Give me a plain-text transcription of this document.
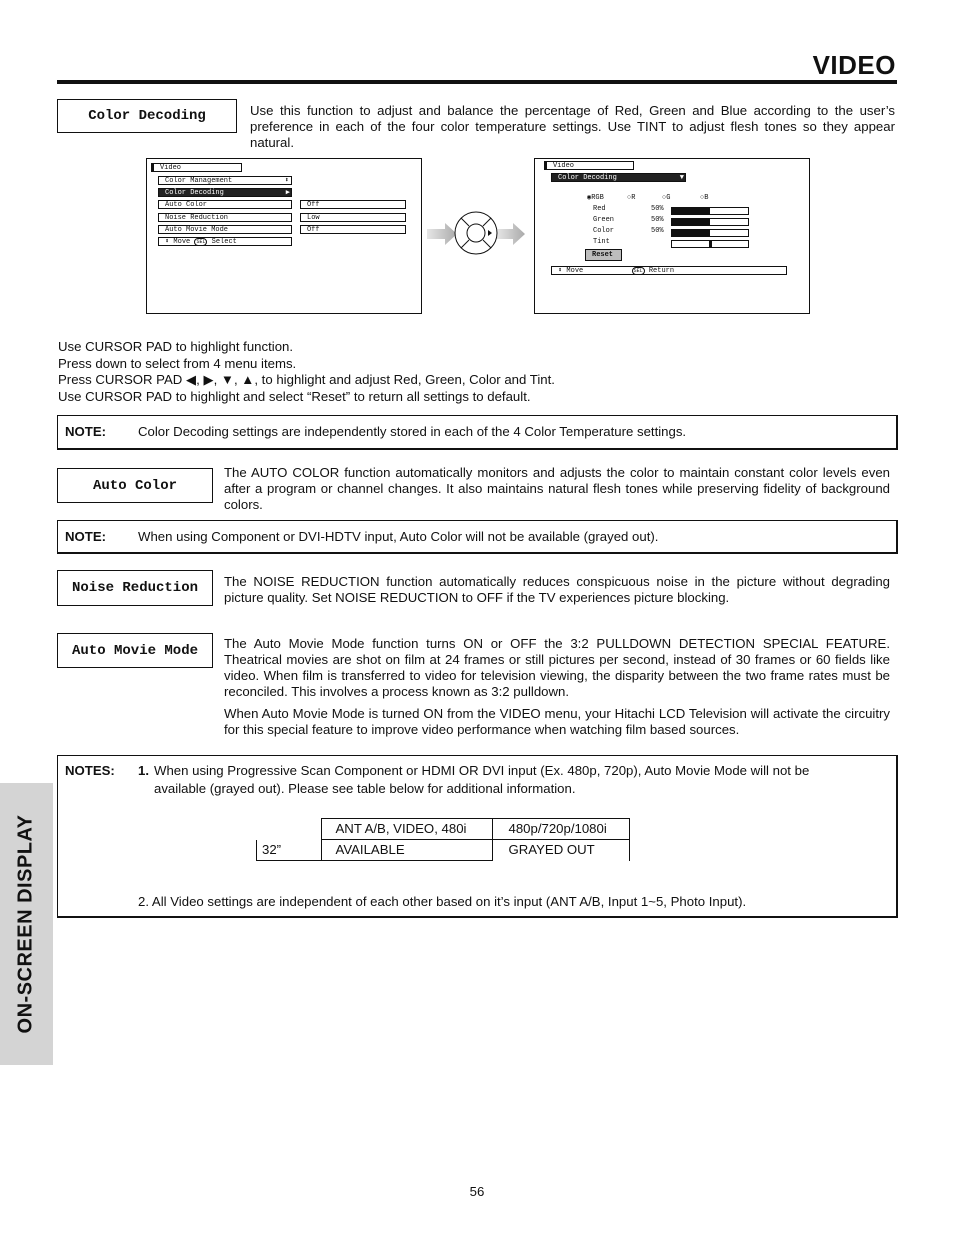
VIDEO
Color Decoding	Use this function to adjust and balance the percentage of Red, Green and Blue according to the user’s preference in each of the four color temperature settings. Use TINT to adjust flesh tones so they appear natural.
Video
Color Management	⬍
Color Decoding	▶
Auto Color
Noise Reduction
Auto Movie Mode
Off
Low
Off
⬍ Move SEL Select
Video
Color Decoding	▼
◉RGB	○R	○G	○B
Red	50%
Green	50%
Color	50%
Tint
Reset
⬍ Move	SEL Return
Use CURSOR PAD to highlight function.
Press down to select from 4 menu items.
Press CURSOR PAD ◀, ▶, ▼, ▲, to highlight and adjust Red, Green, Color and Tint.
Use CURSOR PAD to highlight and select “Reset” to return all settings to default.
NOTE: Color Decoding settings are independently stored in each of the 4 Color Temperature settings.
Auto Color
The AUTO COLOR function automatically monitors and adjusts the color to maintain constant color levels even after a program or channel changes. It also maintains natural flesh tones while preserving fidelity of background colors.
NOTE: When using Component or DVI-HDTV input, Auto Color will not be available (grayed out).
Noise Reduction	The NOISE REDUCTION function automatically reduces conspicuous noise in the picture without degrading picture quality. Set NOISE REDUCTION to OFF if the TV experiences picture blocking.
Auto Movie Mode	The Auto Movie Mode function turns ON or OFF the 3:2 PULLDOWN DETECTION SPECIAL FEATURE. Theatrical movies are shot on film at 24 frames or still pictures per second, instead of 30 frames or 60 fields like video. When film is transferred to video for television viewing, the disparity between the two frame rates must be reconciled. This involves a process known as 3:2 pulldown.
When Auto Movie Mode is turned ON from the VIDEO menu, your Hitachi LCD Television will activate the circuitry for this special feature to improve video performance when watching film based sources.
NOTES: 1. When using Progressive Scan Component or HDMI OR DVI input (Ex. 480p, 720p), Auto Movie Mode will not be
available (grayed out). Please see table below for additional information.
	ANT A/B, VIDEO, 480i	480p/720p/1080i
32”	AVAILABLE	GRAYED OUT
2. All Video settings are independent of each other based on it’s input (ANT A/B, Input 1~5, Photo Input).
ON-SCREEN DISPLAY
56
